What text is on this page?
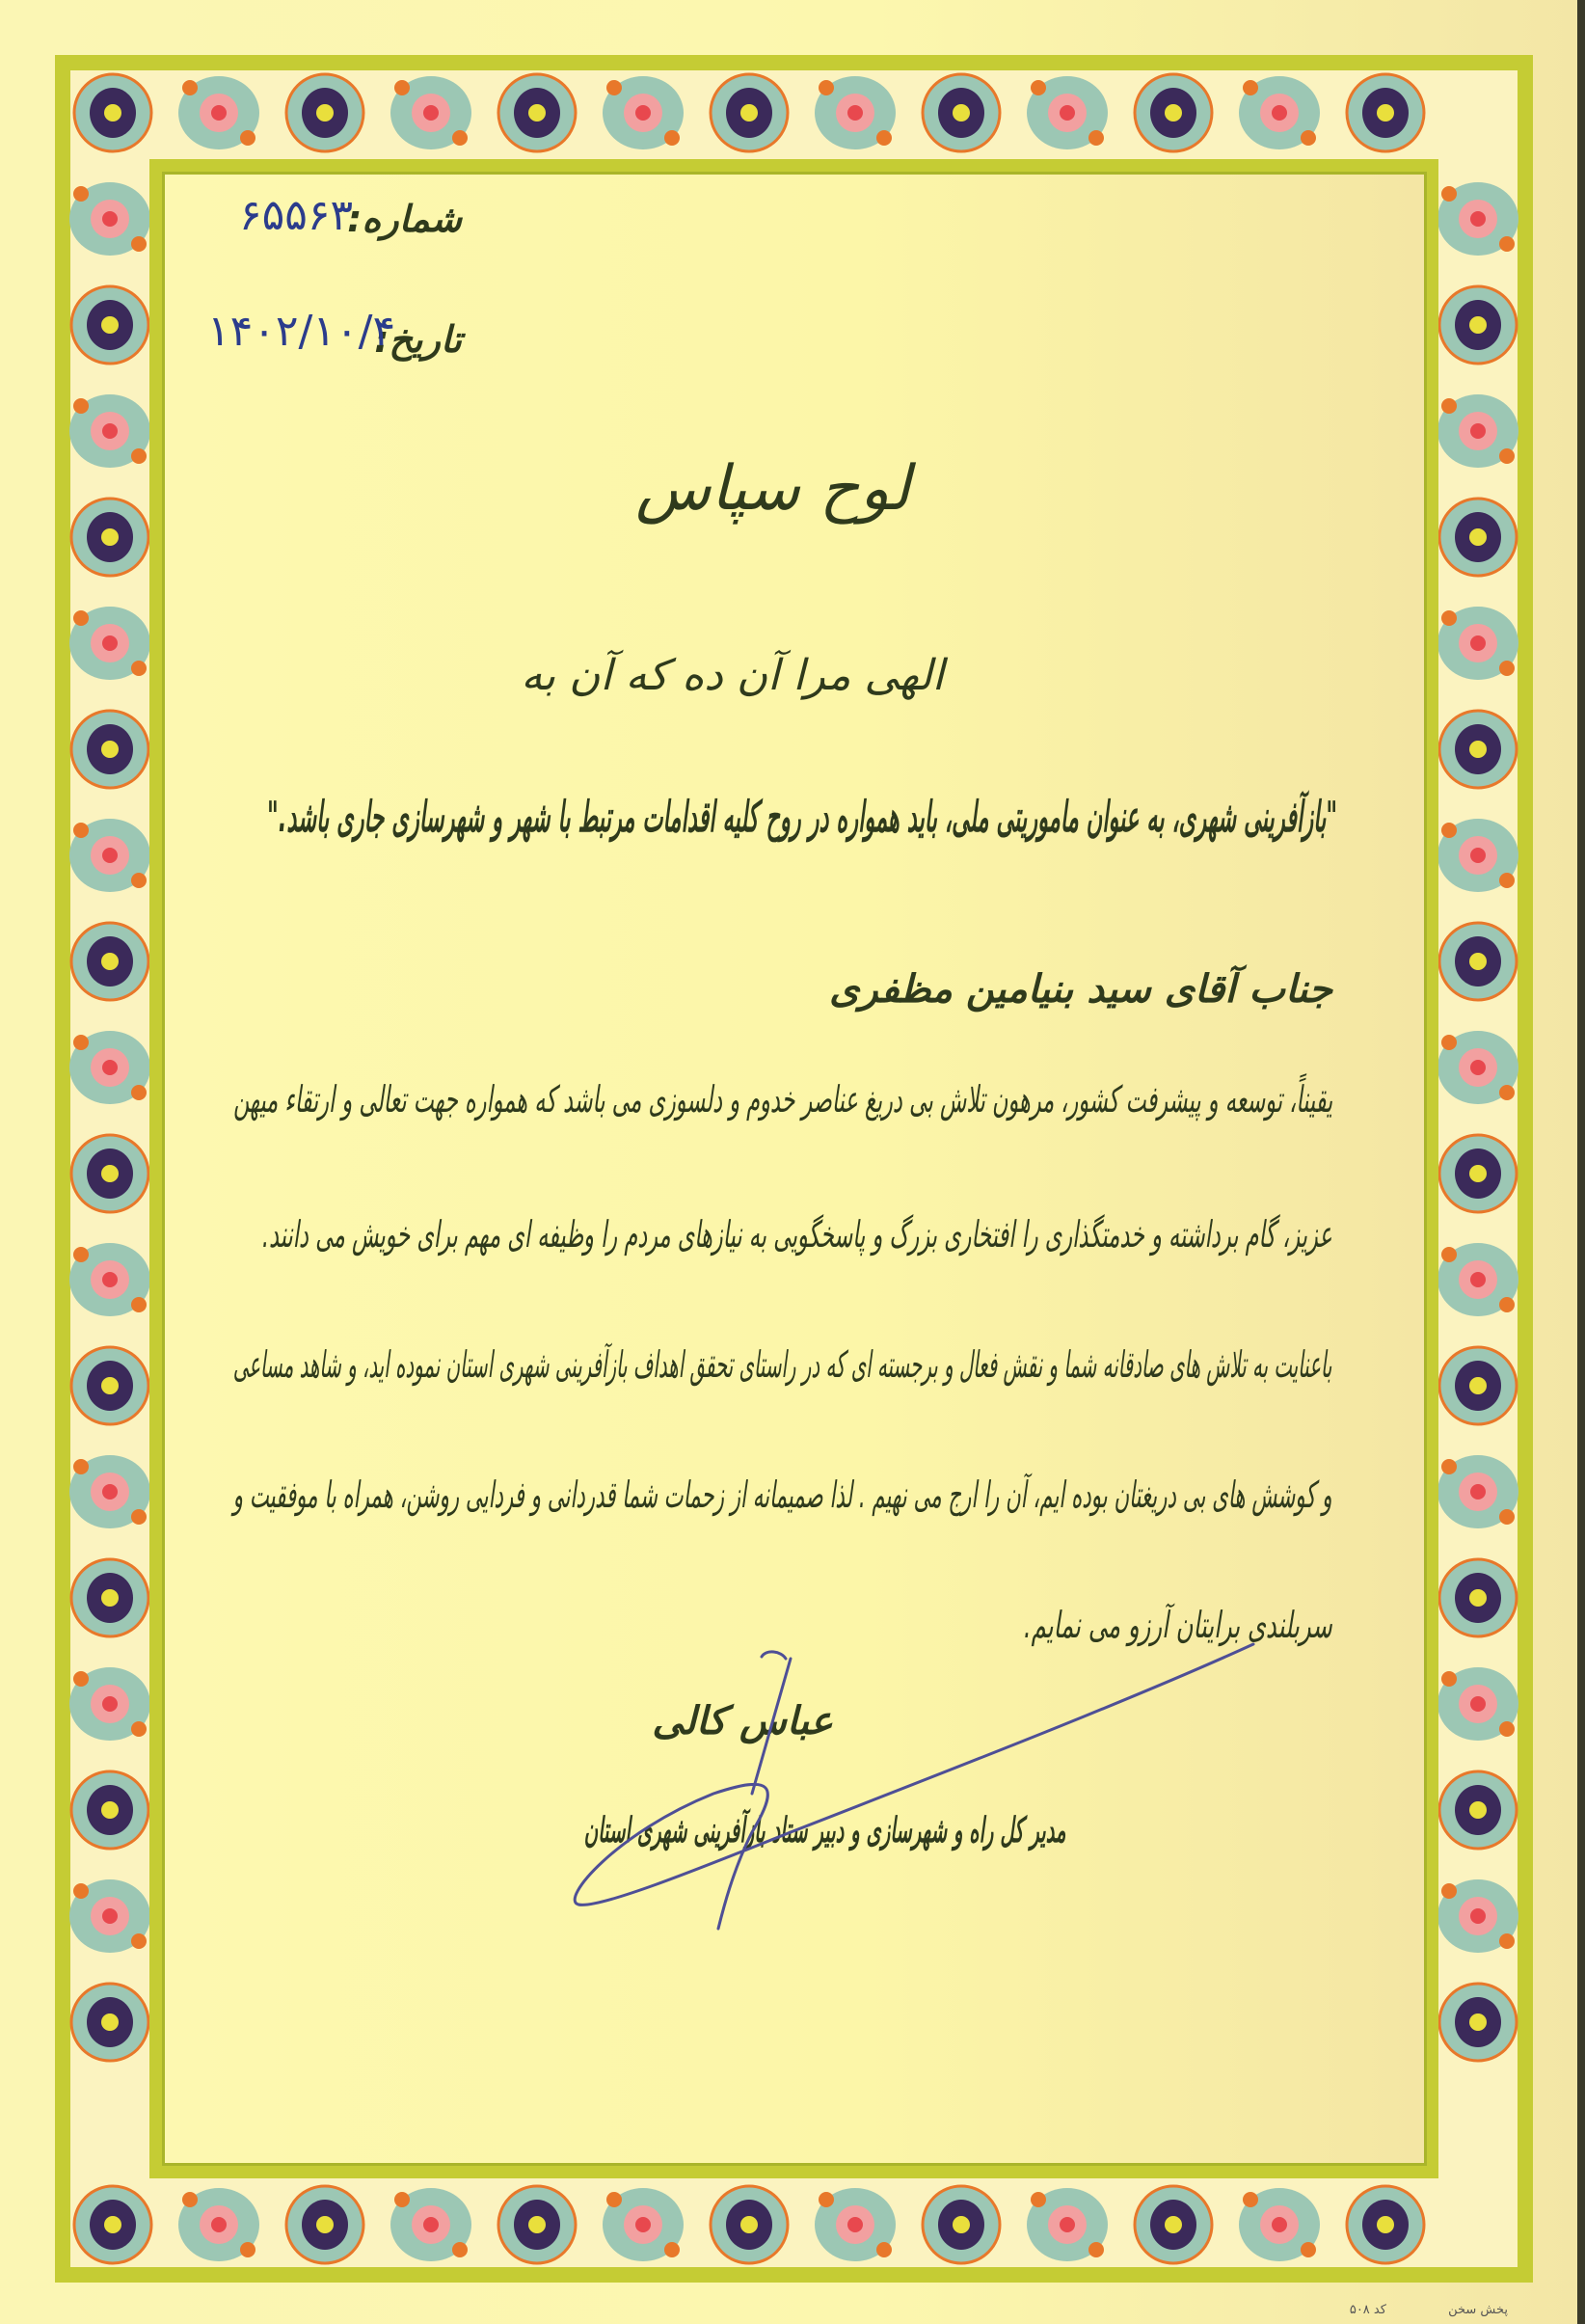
شماره:
۶۵۵۶۳
تاریخ:
۱۴۰۲/۱۰/۴
لوح سپاس
الهی مرا آن ده که آن به
"بازآفرینی شهری، به عنوان ماموریتی ملی، باید همواره در روح کلیه اقدامات مرتبط با شهر و شهرسازی جاری باشد."
جناب آقای سید بنیامین مظفری
یقیناً، توسعه و پیشرفت کشور، مرهون تلاش بی دریغ عناصر خدوم و دلسوزی می باشد که همواره جهت تعالی و ارتقاء میهن
عزیز، گام برداشته و خدمتگذاری را افتخاری بزرگ و پاسخگویی به نیازهای مردم را وظیفه ای مهم برای خویش می دانند.
باعنایت به تلاش های صادقانه شما و نقش فعال و برجسته ای که در راستای تحقق اهداف بازآفرینی شهری استان نموده اید، و شاهد مساعی
و کوشش های بی دریغتان بوده ایم، آن را ارج می نهیم . لذا صمیمانه از زحمات شما قدردانی و فردایی روشن، همراه با موفقیت و
سربلندی برایتان آرزو می نمایم.
عباس کالی
مدیر کل راه و شهرسازی و دبیر ستاد بازآفرینی شهری استان
پخش سخن کد ۵۰۸
